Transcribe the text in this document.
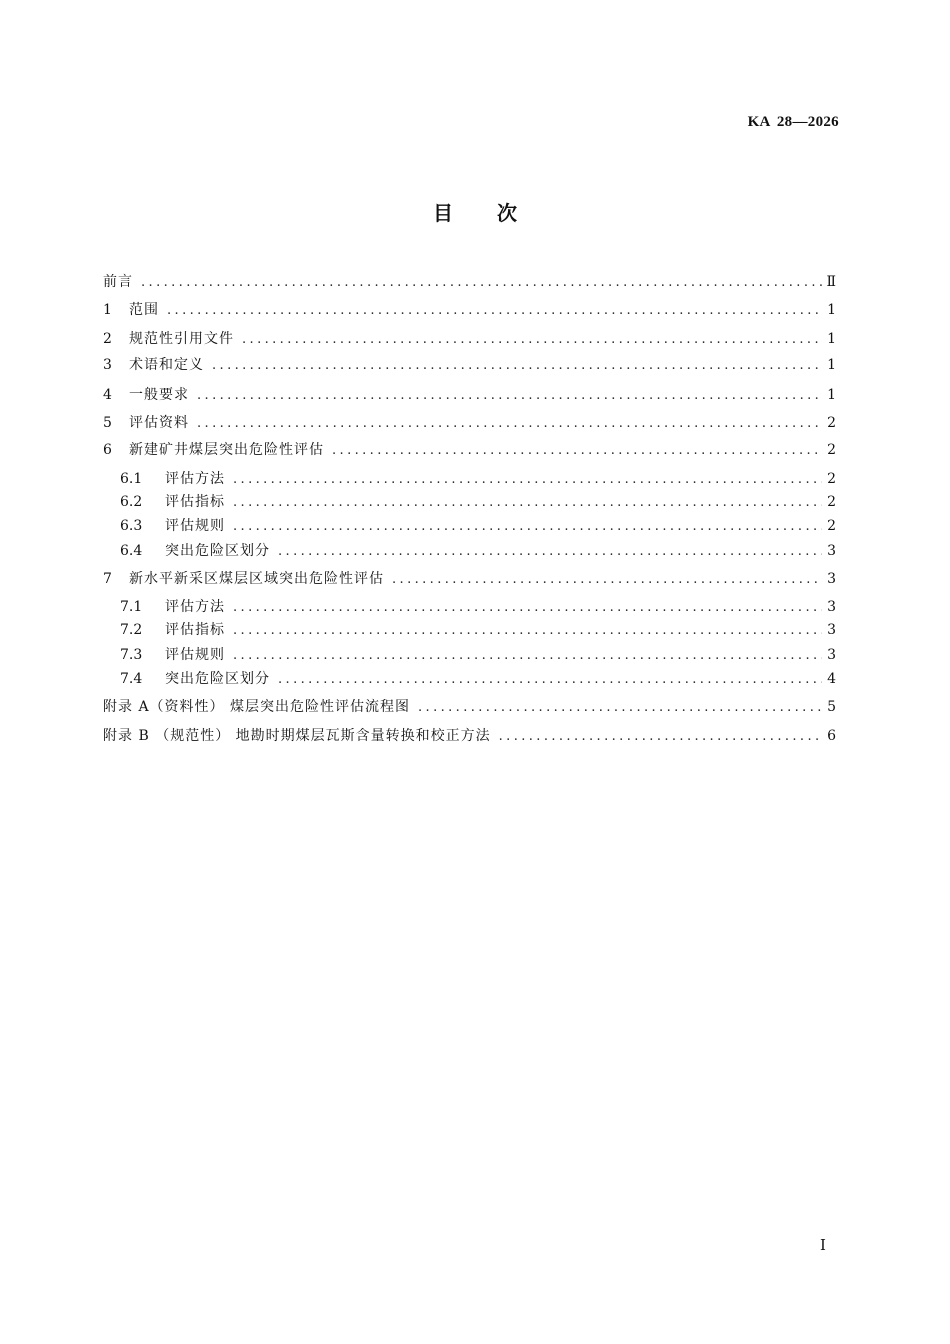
KA 28—2026
目 次
前言 .....	Ⅱ
1	范围 .....	1
2	规范性引用文件 .....	1
3	术语和定义 .....	1
4	一般要求 .....	1
5	评估资料 .....	2
6	新建矿井煤层突出危险性评估 .....	2
6.1	评估方法 .....	2
6.2	评估指标 .....	2
6.3	评估规则 .....	2
6.4	突出危险区划分 .....	3
7	新水平新采区煤层区域突出危险性评估 .....	3
7.1	评估方法 .....	3
7.2	评估指标 .....	3
7.3	评估规则 .....	3
7.4	突出危险区划分 .....	4
附录 A（资料性） 煤层突出危险性评估流程图 .....	5
附录 B （规范性） 地勘时期煤层瓦斯含量转换和校正方法 .....	6
I
